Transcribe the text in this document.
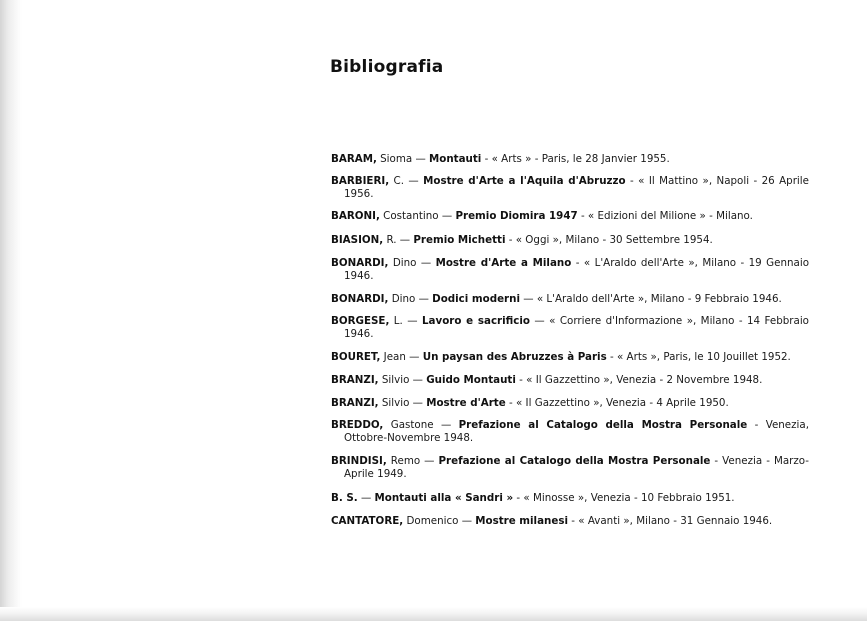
Bibliografia
BARAM, Sioma — Montauti - « Arts » - Paris, le 28 Janvier 1955.
BARBIERI, C. — Mostre d'Arte a l'Aquila d'Abruzzo - « Il Mattino », Napoli - 26 Aprile 1956.
BARONI, Costantino — Premio Diomira 1947 - « Edizioni del Milione » - Milano.
BIASION, R. — Premio Michetti - « Oggi », Milano - 30 Settembre 1954.
BONARDI, Dino — Mostre d'Arte a Milano - « L'Araldo dell'Arte », Milano - 19 Gennaio 1946.
BONARDI, Dino — Dodici moderni — « L'Araldo dell'Arte », Milano - 9 Febbraio 1946.
BORGESE, L. — Lavoro e sacrificio — « Corriere d'Informazione », Milano - 14 Febbraio 1946.
BOURET, Jean — Un paysan des Abruzzes à Paris - « Arts », Paris, le 10 Jouillet 1952.
BRANZI, Silvio — Guido Montauti - « Il Gazzettino », Venezia - 2 Novembre 1948.
BRANZI, Silvio — Mostre d'Arte - « Il Gazzettino », Venezia - 4 Aprile 1950.
BREDDO, Gastone — Prefazione al Catalogo della Mostra Personale - Venezia, Ottobre-Novembre 1948.
BRINDISI, Remo — Prefazione al Catalogo della Mostra Personale - Venezia - Marzo-Aprile 1949.
B. S. — Montauti alla « Sandri » - « Minosse », Venezia - 10 Febbraio 1951.
CANTATORE, Domenico — Mostre milanesi - « Avanti », Milano - 31 Gennaio 1946.
